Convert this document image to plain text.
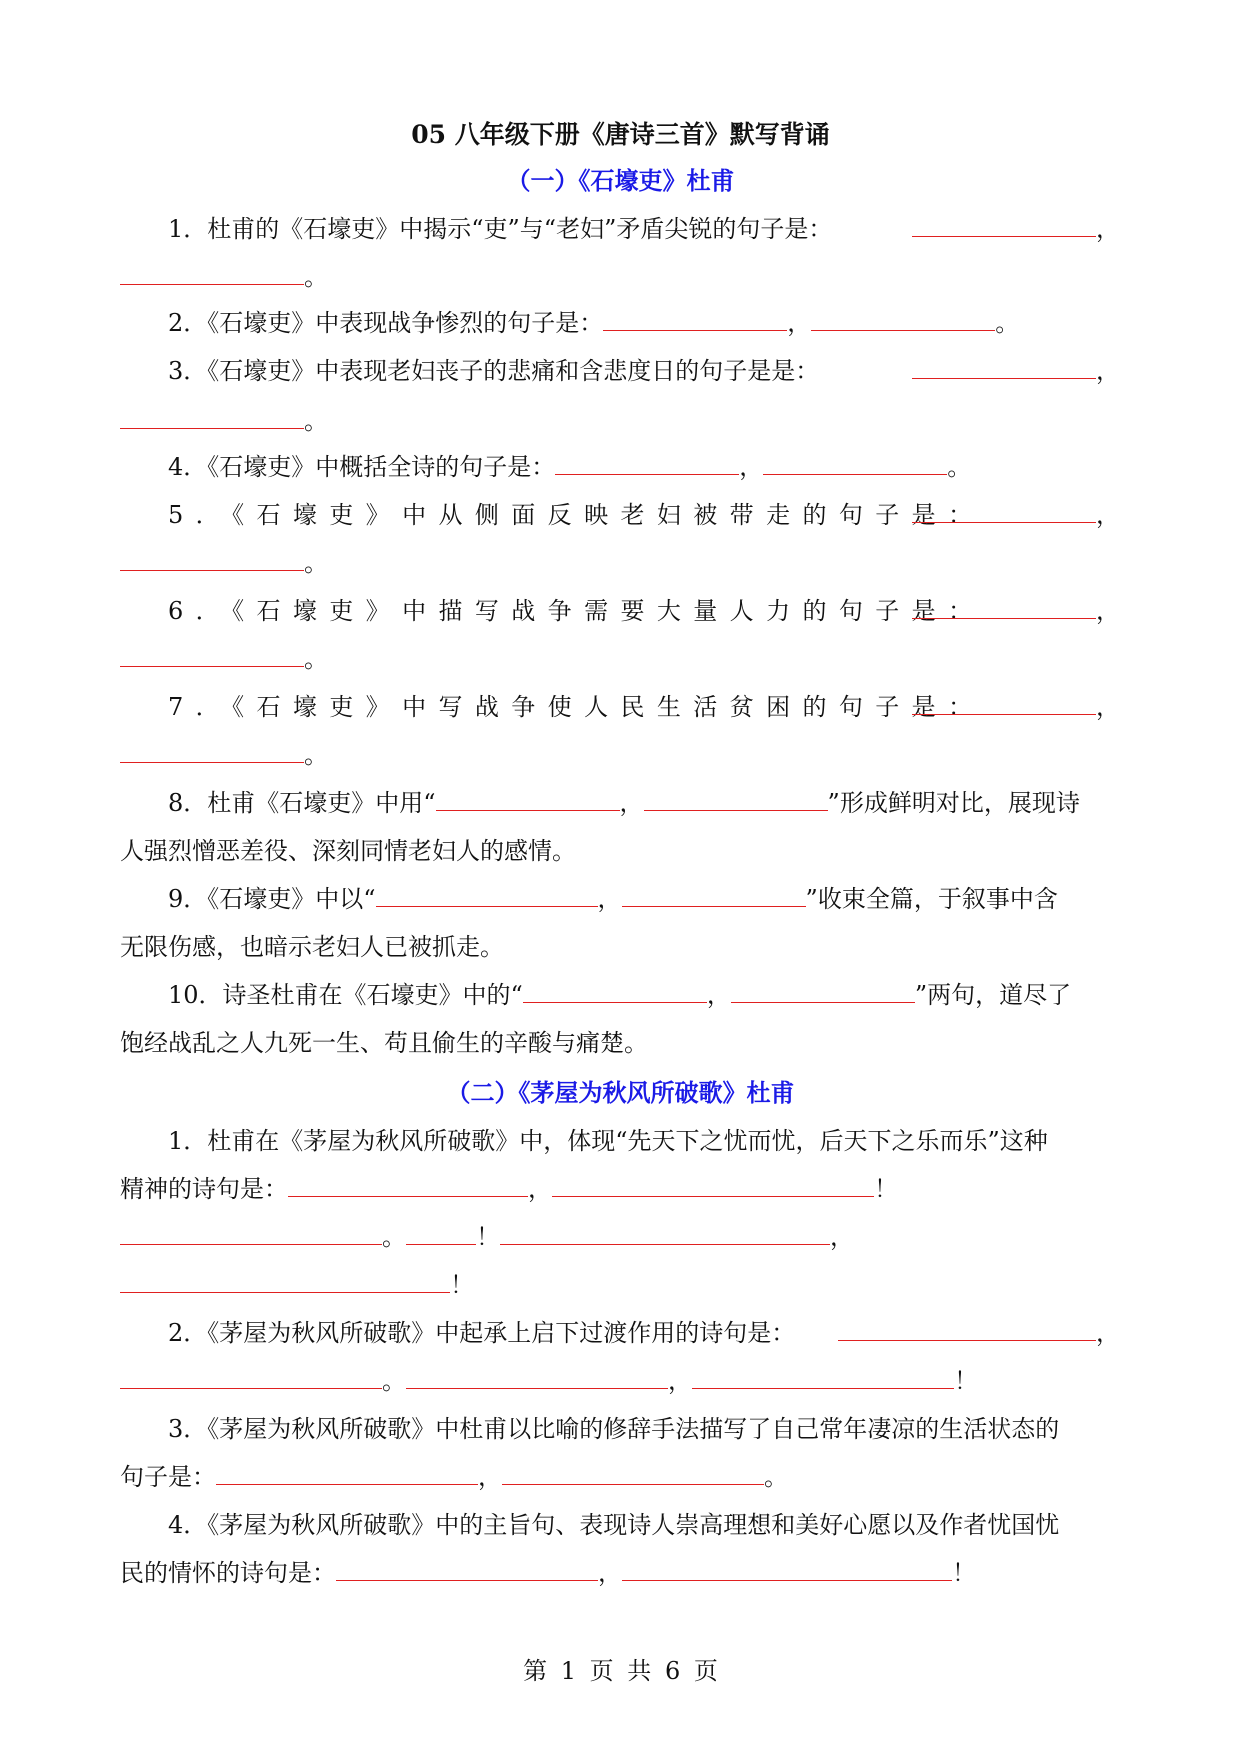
05 八年级下册《唐诗三首》默写背诵
（一）《石壕吏》杜甫
1．杜甫的《石壕吏》中揭示“吏”与“老妇”矛盾尖锐的句子是：	，
。
2．《石壕吏》中表现战争惨烈的句子是：	，	。
3．《石壕吏》中表现老妇丧子的悲痛和含悲度日的句子是是：	，
。
4．《石壕吏》中概括全诗的句子是：	，	。
5．《石壕吏》中从侧面反映老妇被带走的句子是：	，
。
6．《石壕吏》中描写战争需要大量人力的句子是：	，
。
7．《石壕吏》中写战争使人民生活贫困的句子是：	，
。
8．杜甫《石壕吏》中用“	，	”形成鲜明对比，展现诗
人强烈憎恶差役、深刻同情老妇人的感情。
9．《石壕吏》中以“	，	”收束全篇，于叙事中含
无限伤感，也暗示老妇人已被抓走。
10．诗圣杜甫在《石壕吏》中的“	，	”两句，道尽了
饱经战乱之人九死一生、苟且偷生的辛酸与痛楚。
（二）《茅屋为秋风所破歌》杜甫
1．杜甫在《茅屋为秋风所破歌》中，体现“先天下之忧而忧，后天下之乐而乐”这种
精神的诗句是：	，	！
。	！	，
！
2．《茅屋为秋风所破歌》中起承上启下过渡作用的诗句是：	，
。	，	！
3．《茅屋为秋风所破歌》中杜甫以比喻的修辞手法描写了自己常年凄凉的生活状态的
句子是：	，	。
4．《茅屋为秋风所破歌》中的主旨句、表现诗人崇高理想和美好心愿以及作者忧国忧
民的情怀的诗句是：	，	！
第 1 页 共 6 页
